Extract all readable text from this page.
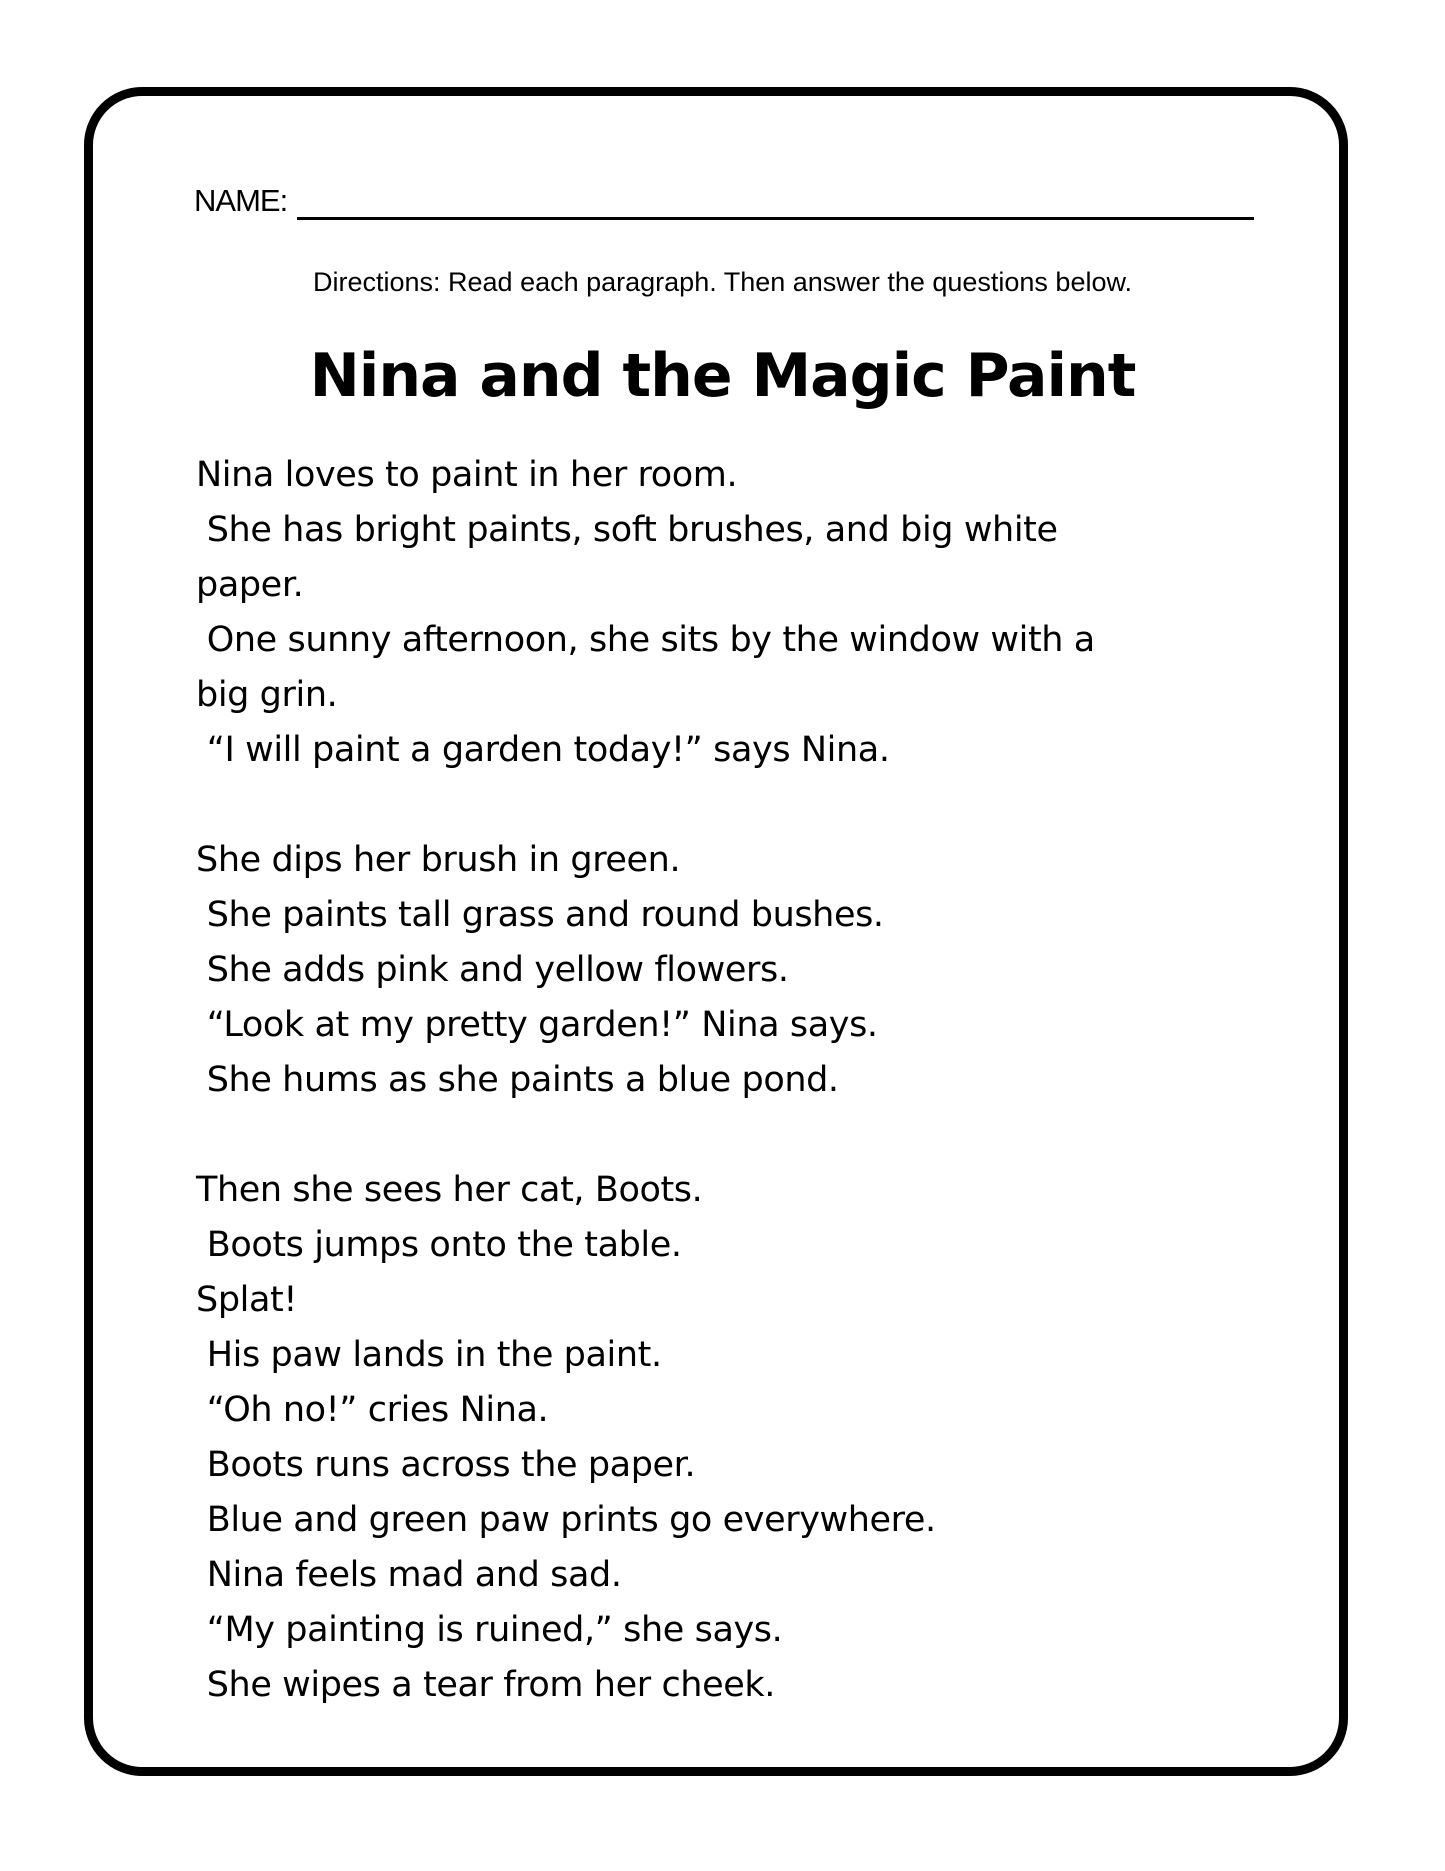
NAME:
Directions: Read each paragraph. Then answer the questions below.
Nina and the Magic Paint
Nina loves to paint in her room.
She has bright paints, soft brushes, and big white
paper.
One sunny afternoon, she sits by the window with a
big grin.
“I will paint a garden today!” says Nina.
She dips her brush in green.
She paints tall grass and round bushes.
She adds pink and yellow flowers.
“Look at my pretty garden!” Nina says.
She hums as she paints a blue pond.
Then she sees her cat, Boots.
Boots jumps onto the table.
Splat!
His paw lands in the paint.
“Oh no!” cries Nina.
Boots runs across the paper.
Blue and green paw prints go everywhere.
Nina feels mad and sad.
“My painting is ruined,” she says.
She wipes a tear from her cheek.
